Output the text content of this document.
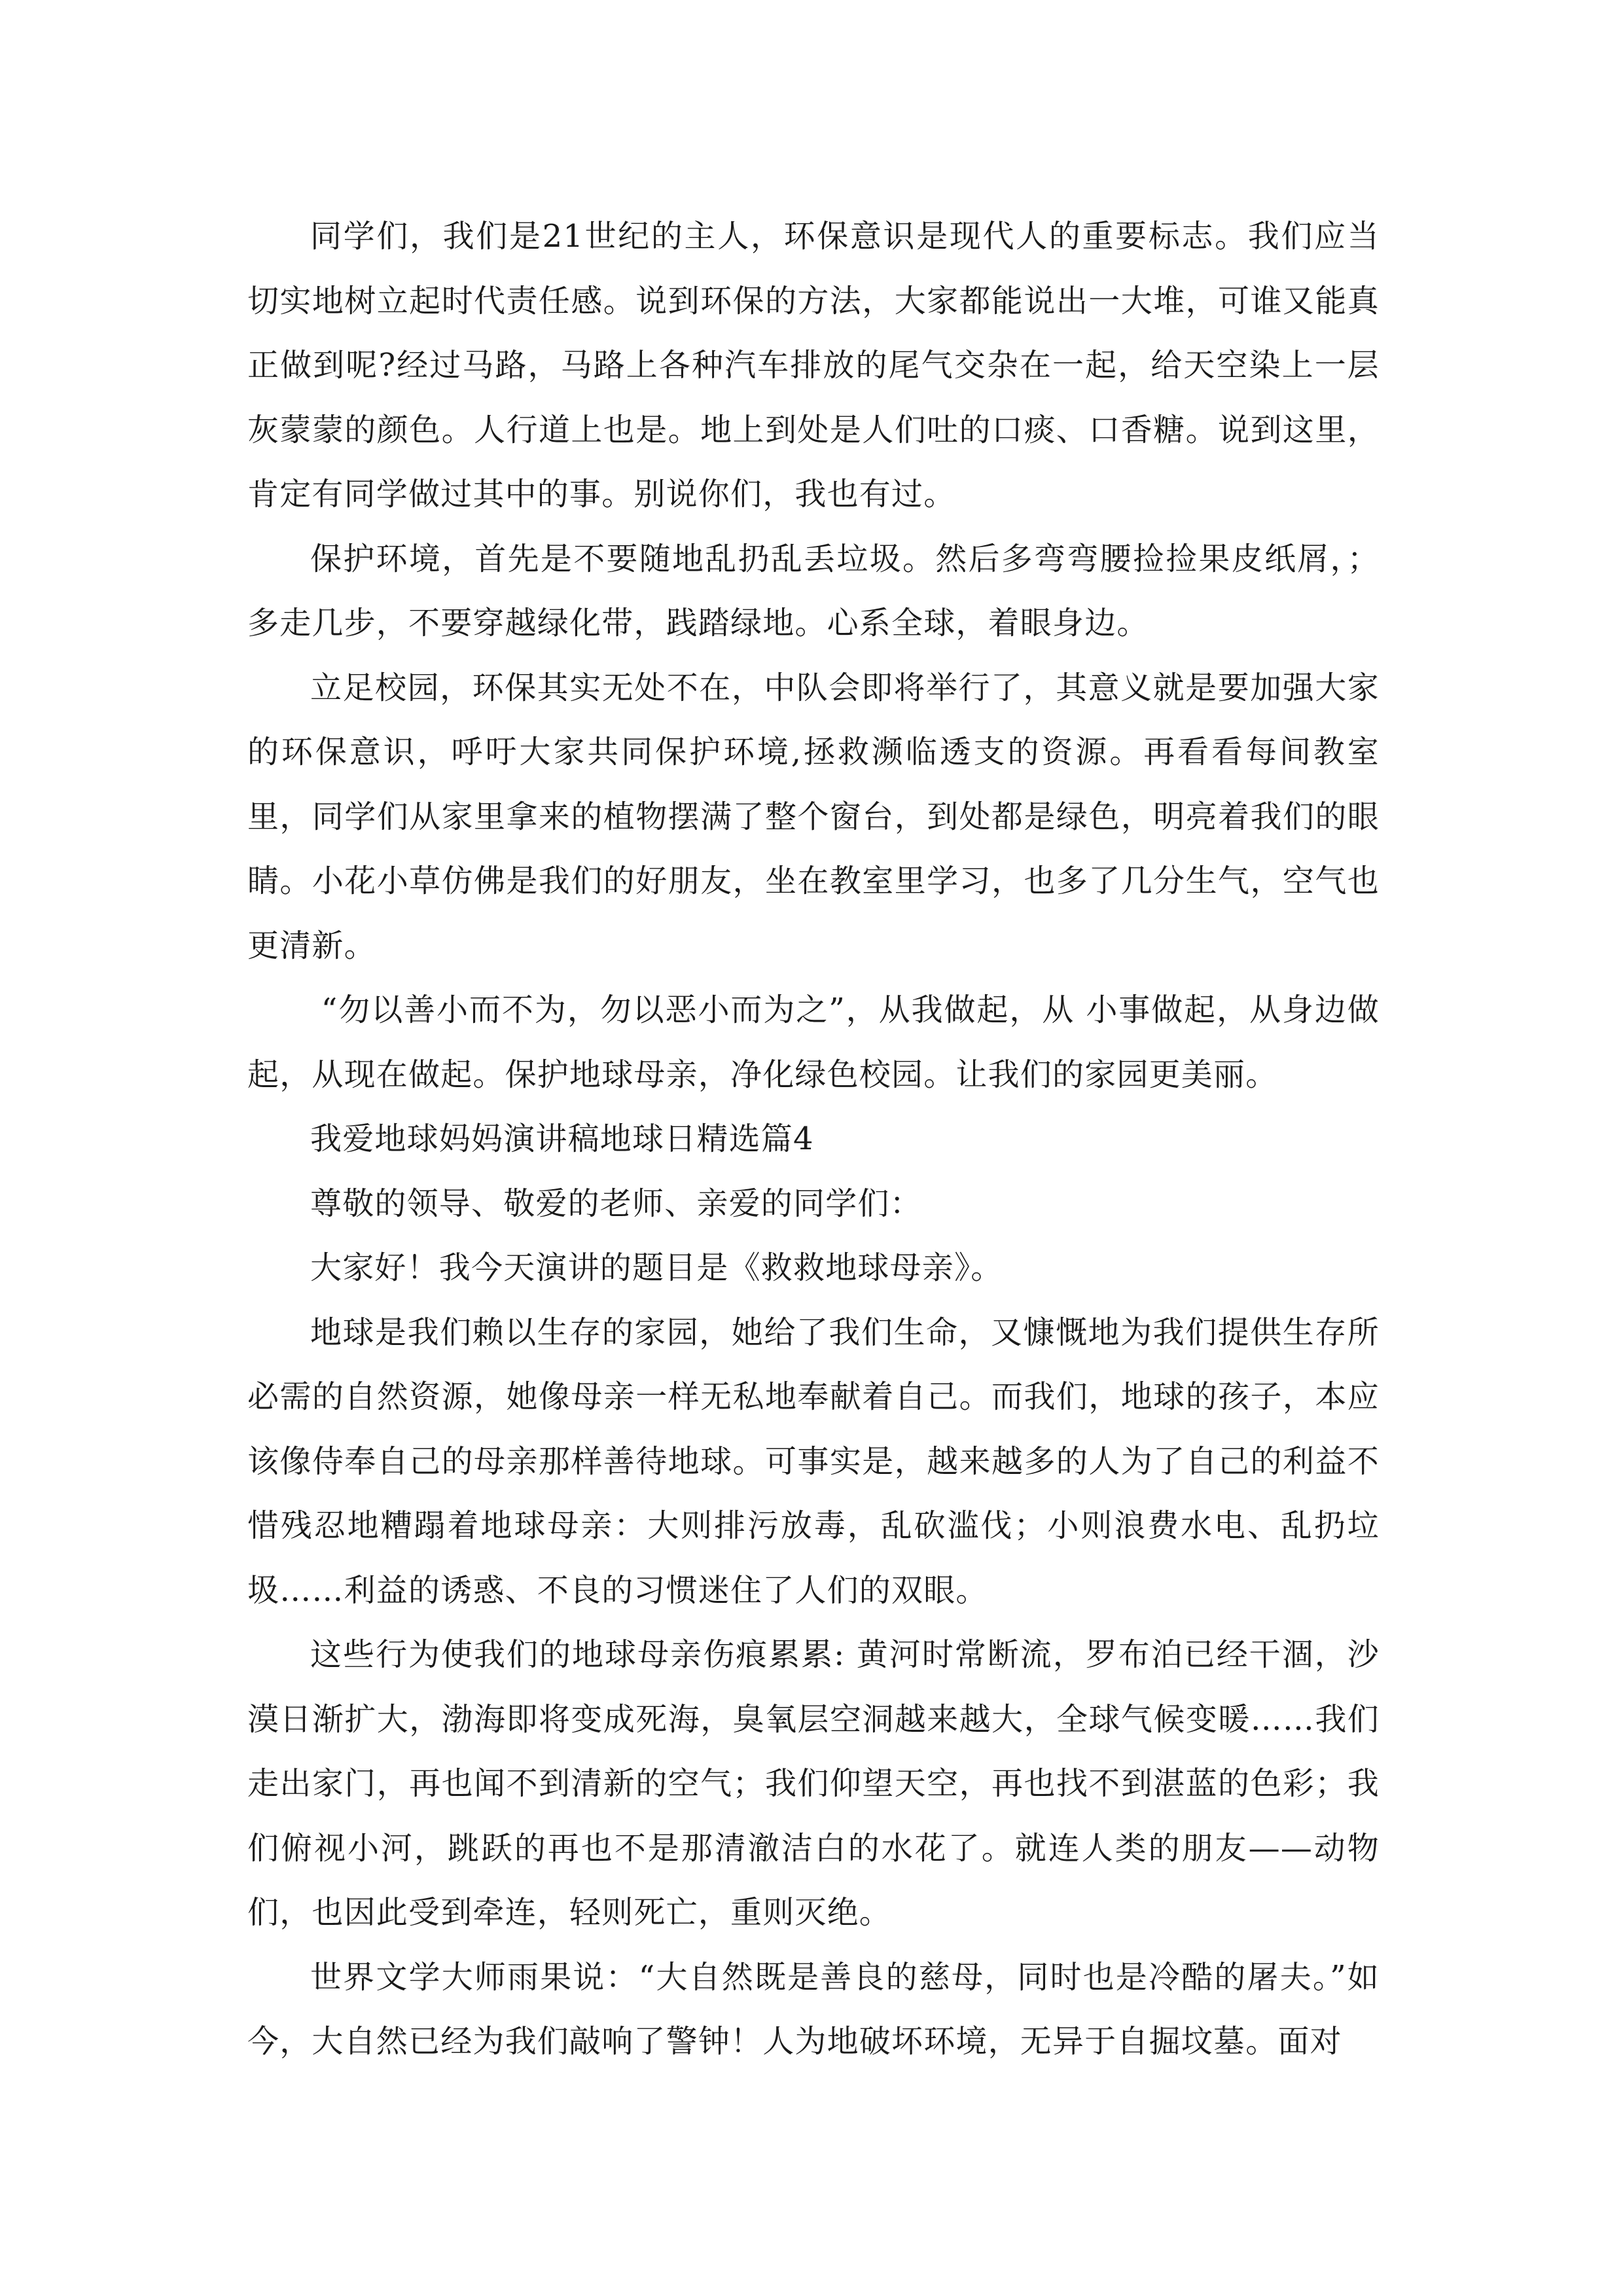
同学们，我们是21世纪的主人，环保意识是现代人的重要标志。我们应当切实地树立起时代责任感。说到环保的方法，大家都能说出一大堆，可谁又能真正做到呢?经过马路，马路上各种汽车排放的尾气交杂在一起，给天空染上一层灰蒙蒙的颜色。人行道上也是。地上到处是人们吐的口痰、口香糖。说到这里，肯定有同学做过其中的事。别说你们，我也有过。

保护环境，首先是不要随地乱扔乱丢垃圾。然后多弯弯腰捡捡果皮纸屑，；多走几步，不要穿越绿化带，践踏绿地。心系全球，着眼身边。

立足校园，环保其实无处不在，中队会即将举行了，其意义就是要加强大家的环保意识，呼吁大家共同保护环境,拯救濒临透支的资源。再看看每间教室里，同学们从家里拿来的植物摆满了整个窗台，到处都是绿色，明亮着我们的眼睛。小花小草仿佛是我们的好朋友，坐在教室里学习，也多了几分生气，空气也更清新。

“勿以善小而不为，勿以恶小而为之”，从我做起，从 小事做起，从身边做起，从现在做起。保护地球母亲，净化绿色校园。让我们的家园更美丽。

我爱地球妈妈演讲稿地球日精选篇4

尊敬的领导、敬爱的老师、亲爱的同学们：

大家好！我今天演讲的题目是《救救地球母亲》。

地球是我们赖以生存的家园，她给了我们生命，又慷慨地为我们提供生存所必需的自然资源，她像母亲一样无私地奉献着自己。而我们，地球的孩子，本应该像侍奉自己的母亲那样善待地球。可事实是，越来越多的人为了自己的利益不惜残忍地糟蹋着地球母亲：大则排污放毒，乱砍滥伐；小则浪费水电、乱扔垃圾……利益的诱惑、不良的习惯迷住了人们的双眼。

这些行为使我们的地球母亲伤痕累累: 黄河时常断流，罗布泊已经干涸，沙漠日渐扩大，渤海即将变成死海，臭氧层空洞越来越大，全球气候变暖……我们走出家门，再也闻不到清新的空气；我们仰望天空，再也找不到湛蓝的色彩；我们俯视小河，跳跃的再也不是那清澈洁白的水花了。就连人类的朋友——动物们，也因此受到牵连，轻则死亡，重则灭绝。

世界文学大师雨果说：“大自然既是善良的慈母，同时也是冷酷的屠夫。”如今，大自然已经为我们敲响了警钟！人为地破坏环境，无异于自掘坟墓。面对
